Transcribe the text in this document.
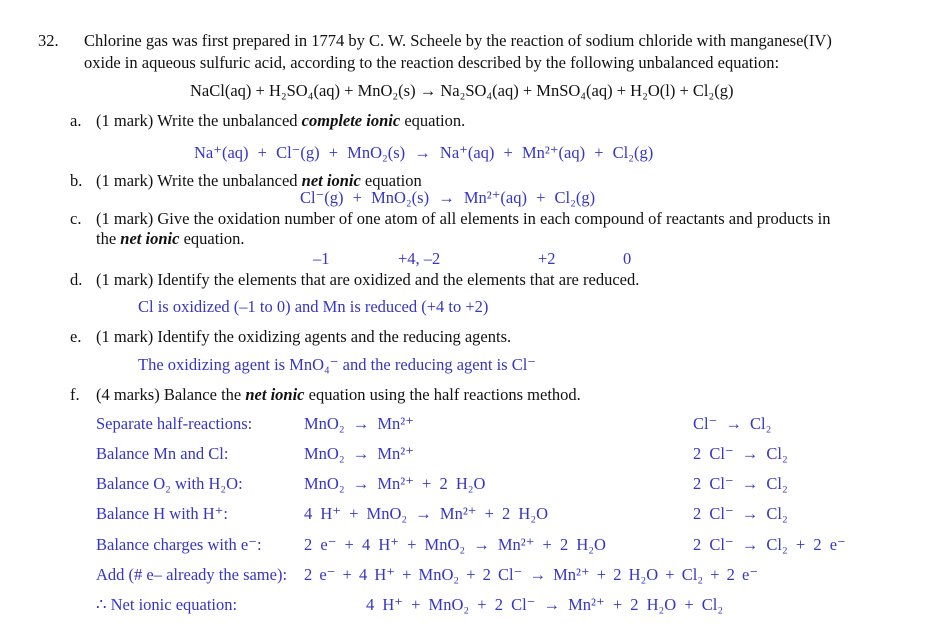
32. Chlorine gas was first prepared in 1774 by C. W. Scheele by the reaction of sodium chloride with manganese(IV)
oxide in aqueous sulfuric acid, according to the reaction described by the following unbalanced equation:
NaCl(aq) + H₂SO₄(aq) + MnO₂(s) → Na₂SO₄(aq) + MnSO₄(aq) + H₂O(l) + Cl₂(g)
a. (1 mark) Write the unbalanced complete ionic equation.
Na⁺(aq) + Cl⁻(g) + MnO₂(s) → Na⁺(aq) + Mn²⁺(aq) + Cl₂(g)
b. (1 mark) Write the unbalanced net ionic equation
Cl⁻(g) + MnO₂(s) → Mn²⁺(aq) + Cl₂(g)
c. (1 mark) Give the oxidation number of one atom of all elements in each compound of reactants and products in
the net ionic equation.
–1	+4, –2	+2	0
d. (1 mark) Identify the elements that are oxidized and the elements that are reduced.
Cl is oxidized (–1 to 0) and Mn is reduced (+4 to +2)
e. (1 mark) Identify the oxidizing agents and the reducing agents.
The oxidizing agent is MnO₄⁻ and the reducing agent is Cl⁻
f. (4 marks) Balance the net ionic equation using the half reactions method.
Separate half-reactions:	MnO₂ → Mn²⁺	Cl⁻ → Cl₂
Balance Mn and Cl:	MnO₂ → Mn²⁺	2 Cl⁻ → Cl₂
Balance O₂ with H₂O:	MnO₂ → Mn²⁺ + 2 H₂O	2 Cl⁻ → Cl₂
Balance H with H⁺:	4 H⁺ + MnO₂ → Mn²⁺ + 2 H₂O	2 Cl⁻ → Cl₂
Balance charges with e⁻:	2 e⁻ + 4 H⁺ + MnO₂ → Mn²⁺ + 2 H₂O	2 Cl⁻ → Cl₂ + 2 e⁻
Add (# e– already the same): 2 e⁻ + 4 H⁺ + MnO₂ + 2 Cl⁻ → Mn²⁺ + 2 H₂O + Cl₂ + 2 e⁻
∴ Net ionic equation:	4 H⁺ + MnO₂ + 2 Cl⁻ → Mn²⁺ + 2 H₂O + Cl₂
